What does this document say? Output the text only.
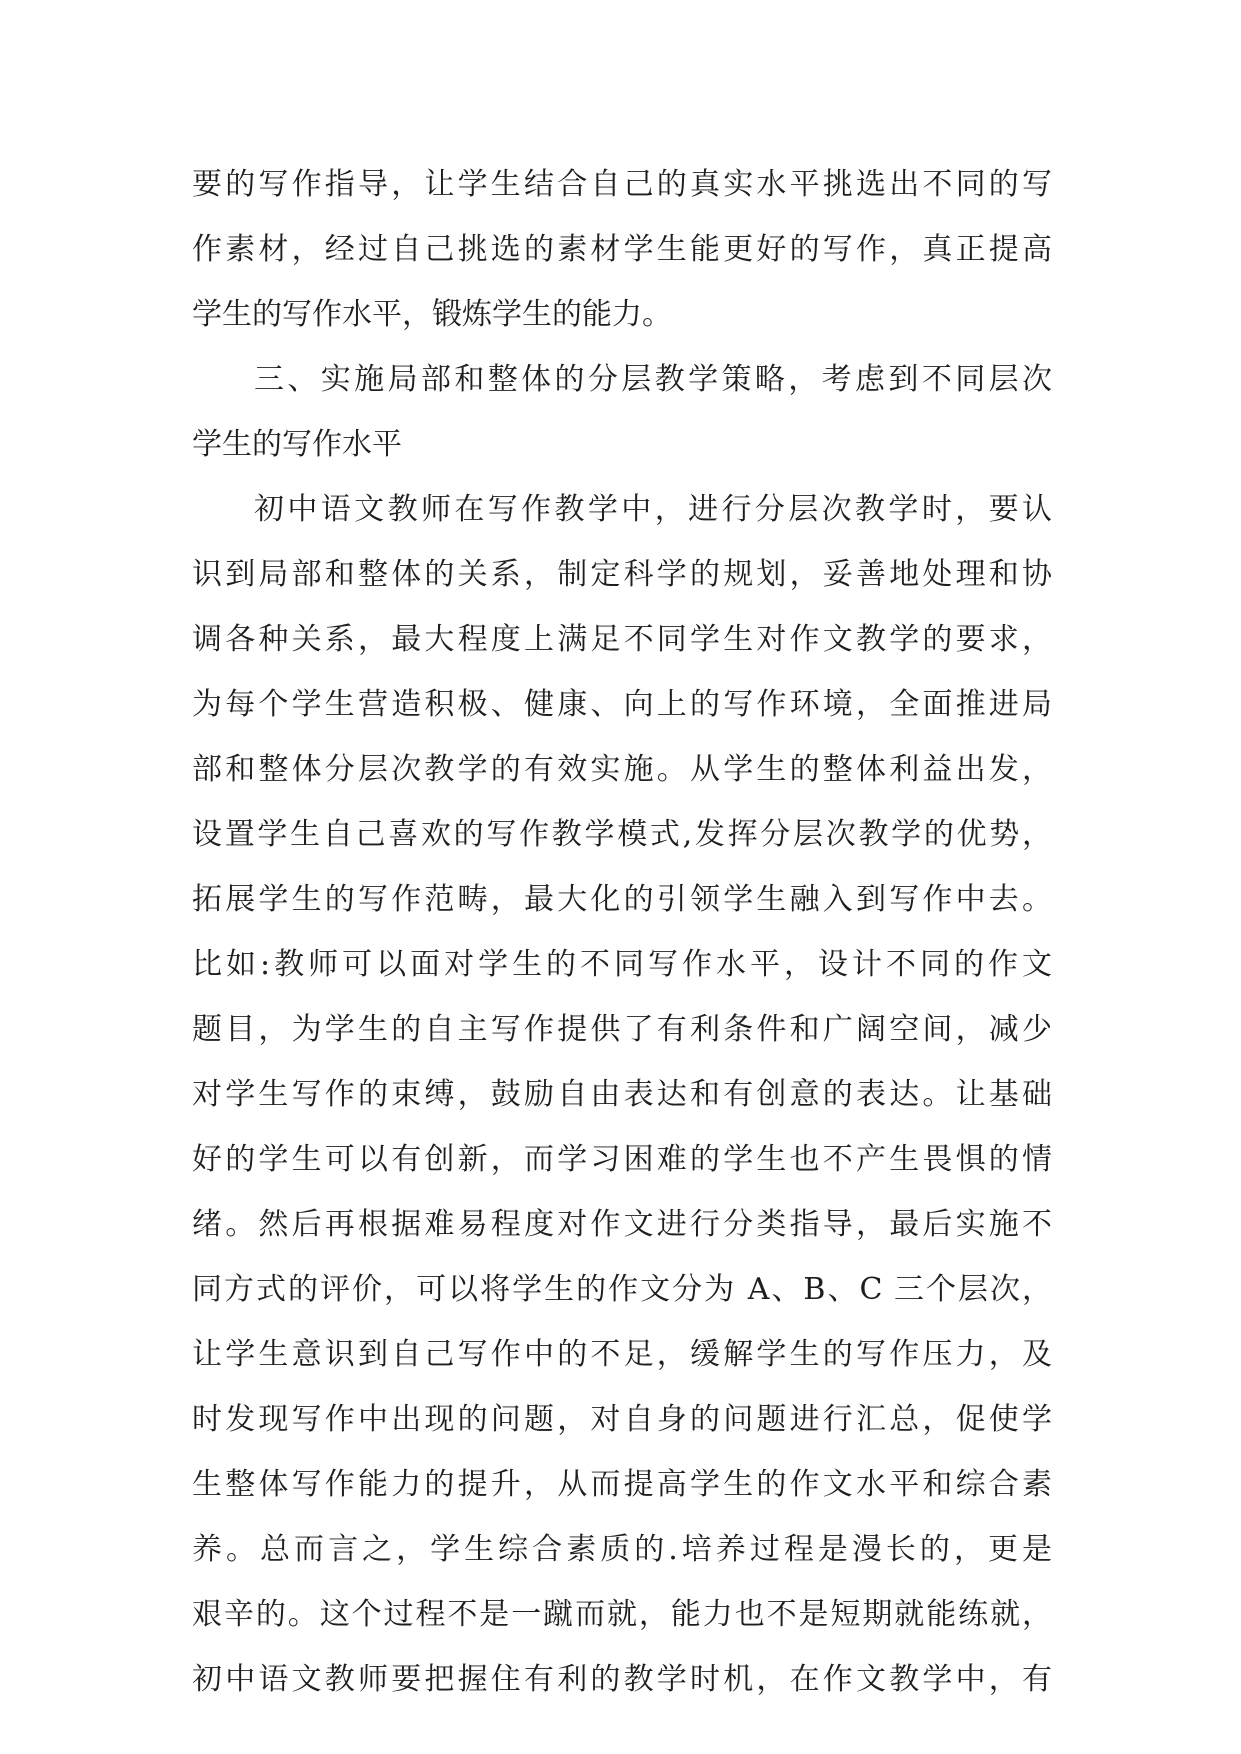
要的写作指导，让学生结合自己的真实水平挑选出不同的写
作素材，经过自己挑选的素材学生能更好的写作，真正提高
学生的写作水平，锻炼学生的能力。
三、实施局部和整体的分层教学策略，考虑到不同层次
学生的写作水平
初中语文教师在写作教学中，进行分层次教学时，要认
识到局部和整体的关系，制定科学的规划，妥善地处理和协
调各种关系，最大程度上满足不同学生对作文教学的要求，
为每个学生营造积极、健康、向上的写作环境，全面推进局
部和整体分层次教学的有效实施。从学生的整体利益出发，
设置学生自己喜欢的写作教学模式,发挥分层次教学的优势，
拓展学生的写作范畴，最大化的引领学生融入到写作中去。
比如:教师可以面对学生的不同写作水平，设计不同的作文
题目，为学生的自主写作提供了有利条件和广阔空间，减少
对学生写作的束缚，鼓励自由表达和有创意的表达。让基础
好的学生可以有创新，而学习困难的学生也不产生畏惧的情
绪。然后再根据难易程度对作文进行分类指导，最后实施不
同方式的评价，可以将学生的作文分为 A、B、C 三个层次，
让学生意识到自己写作中的不足，缓解学生的写作压力，及
时发现写作中出现的问题，对自身的问题进行汇总，促使学
生整体写作能力的提升，从而提高学生的作文水平和综合素
养。总而言之，学生综合素质的.培养过程是漫长的，更是
艰辛的。这个过程不是一蹴而就，能力也不是短期就能练就，
初中语文教师要把握住有利的教学时机，在作文教学中，有
